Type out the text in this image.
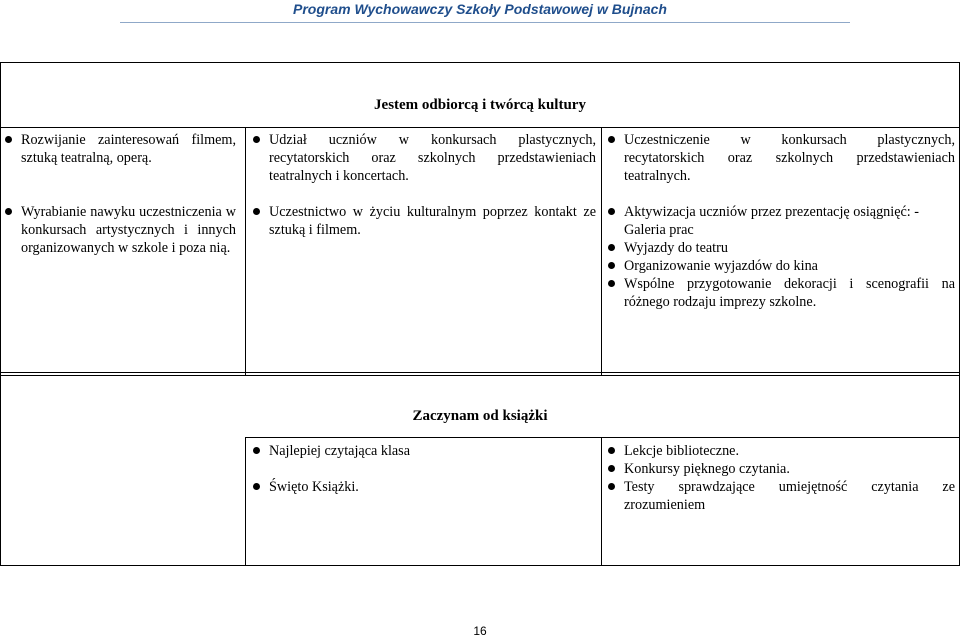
Program Wychowawczy Szkoły Podstawowej w Bujnach
Jestem odbiorcą i twórcą kultury
Rozwijanie zainteresowań filmem, sztuką teatralną, operą.
Udział uczniów w konkursach plastycznych, recytatorskich oraz szkolnych przedstawieniach teatralnych i koncertach.
Uczestniczenie w konkursach plastycznych, recytatorskich oraz szkolnych przedstawieniach teatralnych.
Wyrabianie nawyku uczestniczenia w konkursach artystycznych i innych organizowanych w szkole i poza nią.
Uczestnictwo w życiu kulturalnym poprzez kontakt ze sztuką i filmem.
Aktywizacja uczniów przez prezentację osiągnięć: - Galeria prac
Wyjazdy do teatru
Organizowanie wyjazdów do kina
Wspólne przygotowanie dekoracji i scenografii na różnego rodzaju imprezy szkolne.
Zaczynam od książki
Najlepiej czytająca klasa
Święto Książki.
Lekcje biblioteczne.
Konkursy pięknego czytania.
Testy sprawdzające umiejętność czytania ze zrozumieniem
16
